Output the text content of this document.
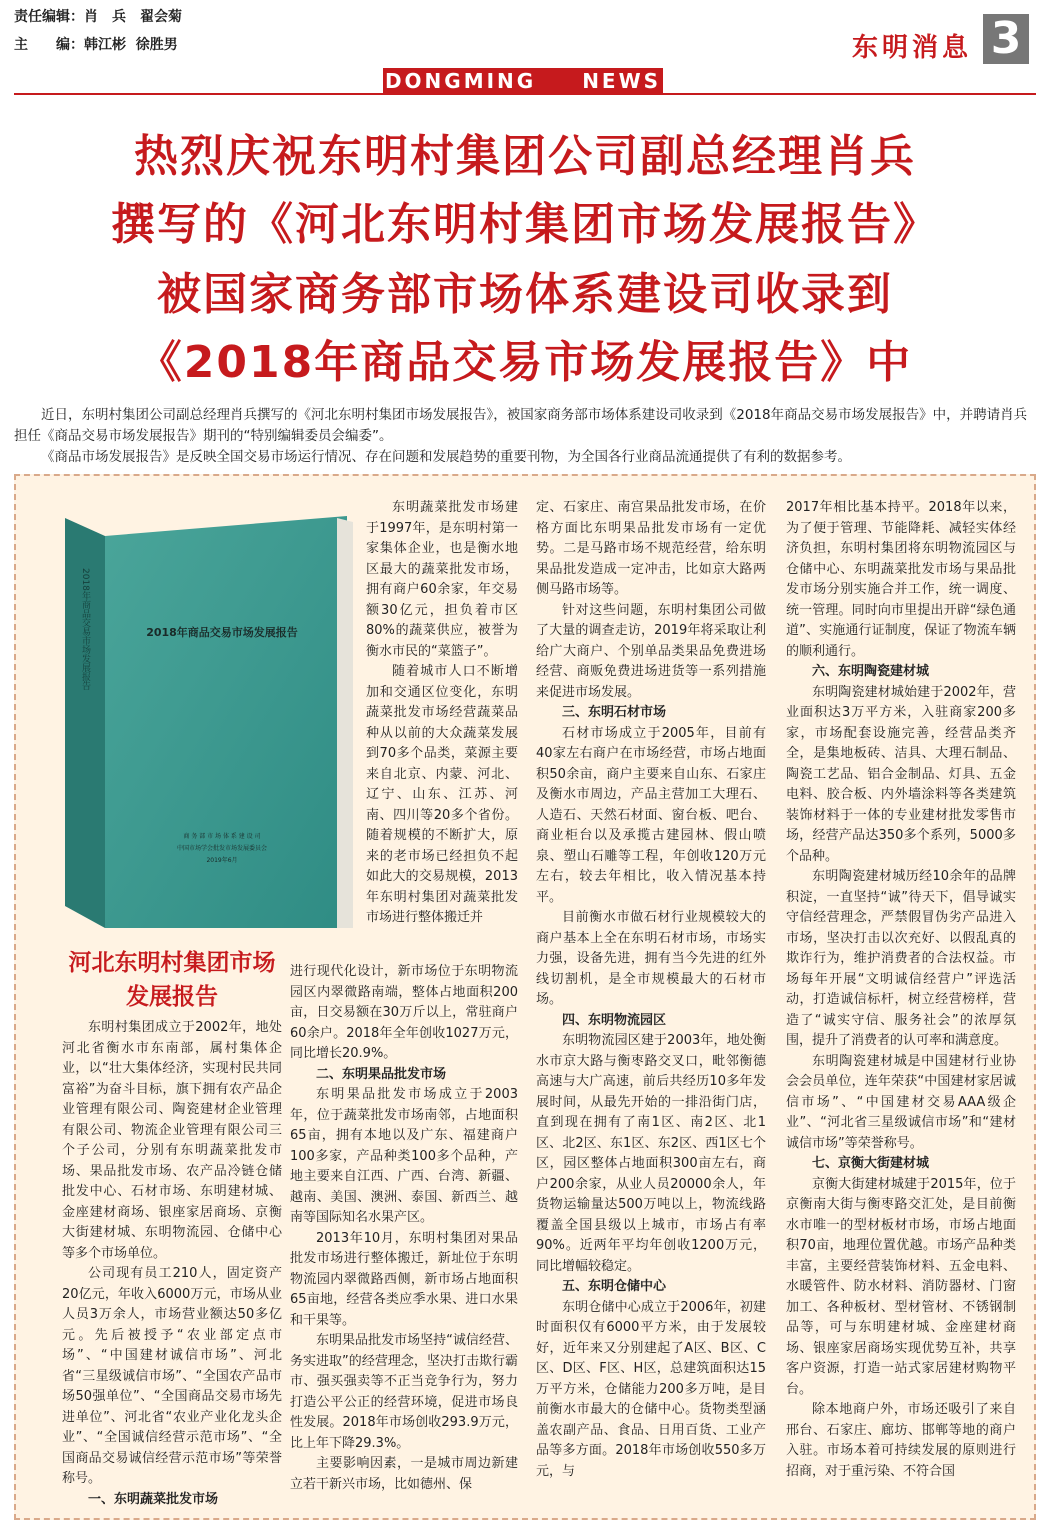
责任编辑：肖　兵　翟会菊
主　　编：韩江彬  徐胜男	东明消息 3
DONGMING　　NEWS
热烈庆祝东明村集团公司副总经理肖兵
撰写的《河北东明村集团市场发展报告》
被国家商务部市场体系建设司收录到
《2018年商品交易市场发展报告》中

近日，东明村集团公司副总经理肖兵撰写的《河北东明村集团市场发展报告》，被国家商务部市场体系建设司收录到《2018年商品交易市场发展报告》中，并聘请肖兵担任《商品交易市场发展报告》期刊的“特别编辑委员会编委”。

《商品市场发展报告》是反映全国交易市场运行情况、存在问题和发展趋势的重要刊物，为全国各行业商品流通提供了有利的数据参考。

2018年商品交易市场发展报告
2018年商品交易市场发展报告
商 务 部 市 场 体 系 建 设 司
中国市场学会批发市场发展委员会
2019年6月
河北东明村集团市场发展报告

东明村集团成立于2002年，地处河北省衡水市东南部，属村集体企业，以“壮大集体经济，实现村民共同富裕”为奋斗目标，旗下拥有农产品企业管理有限公司、陶瓷建材企业管理有限公司、物流企业管理有限公司三个子公司，分别有东明蔬菜批发市场、果品批发市场、农产品冷链仓储批发中心、石材市场、东明建材城、金座建材商场、银座家居商场、京衡大街建材城、东明物流园、仓储中心等多个市场单位。

公司现有员工210人，固定资产20亿元，年收入6000万元，市场从业人员3万余人，市场营业额达50多亿元。先后被授予“农业部定点市场”、“中国建材诚信市场”、河北省“三星级诚信市场”、“全国农产品市场50强单位”、“全国商品交易市场先进单位”、河北省“农业产业化龙头企业”、“全国诚信经营示范市场”、“全国商品交易诚信经营示范市场”等荣誉称号。

一、东明蔬菜批发市场

东明蔬菜批发市场建于1997年，是东明村第一家集体企业，也是衡水地区最大的蔬菜批发市场，拥有商户60余家，年交易额30亿元，担负着市区80%的蔬菜供应，被誉为衡水市民的“菜篮子”。

随着城市人口不断增加和交通区位变化，东明蔬菜批发市场经营蔬菜品种从以前的大众蔬菜发展到70多个品类，菜源主要来自北京、内蒙、河北、辽宁、山东、江苏、河南、四川等20多个省份。随着规模的不断扩大，原来的老市场已经担负不起如此大的交易规模，2013年东明村集团对蔬菜批发市场进行整体搬迁并

进行现代化设计，新市场位于东明物流园区内翠微路南端，整体占地面积200亩，日交易额在30万斤以上，常驻商户60余户。2018年全年创收1027万元，同比增长20.9%。

二、东明果品批发市场

东明果品批发市场成立于2003年，位于蔬菜批发市场南邻，占地面积65亩，拥有本地以及广东、福建商户100多家，产品种类100多个品种，产地主要来自江西、广西、台湾、新疆、越南、美国、澳洲、泰国、新西兰、越南等国际知名水果产区。

2013年10月，东明村集团对果品批发市场进行整体搬迁，新址位于东明物流园内翠微路西侧，新市场占地面积65亩地，经营各类应季水果、进口水果和干果等。

东明果品批发市场坚持“诚信经营、务实进取”的经营理念，坚决打击欺行霸市、强买强卖等不正当竞争行为，努力打造公平公正的经营环境，促进市场良性发展。2018年市场创收293.9万元，比上年下降29.3%。

主要影响因素，一是城市周边新建立若干新兴市场，比如德州、保

定、石家庄、南宫果品批发市场，在价格方面比东明果品批发市场有一定优势。二是马路市场不规范经营，给东明果品批发造成一定冲击，比如京大路两侧马路市场等。

针对这些问题，东明村集团公司做了大量的调查走访，2019年将采取让利给广大商户、个别单品类果品免费进场经营、商贩免费进场进货等一系列措施来促进市场发展。

三、东明石材市场

石材市场成立于2005年，目前有40家左右商户在市场经营，市场占地面积50余亩，商户主要来自山东、石家庄及衡水市周边，产品主营加工大理石、人造石、天然石材面、窗台板、吧台、商业柜台以及承揽古建园林、假山喷泉、塑山石雕等工程，年创收120万元左右，较去年相比，收入情况基本持平。

目前衡水市做石材行业规模较大的商户基本上全在东明石材市场，市场实力强，设备先进，拥有当今先进的红外线切割机，是全市规模最大的石材市场。

四、东明物流园区

东明物流园区建于2003年，地处衡水市京大路与衡枣路交叉口，毗邻衡德高速与大广高速，前后共经历10多年发展时间，从最先开始的一排沿街门店，直到现在拥有了南1区、南2区、北1区、北2区、东1区、东2区、西1区七个区，园区整体占地面积300亩左右，商户200余家，从业人员20000余人，年货物运输量达500万吨以上，物流线路覆盖全国县级以上城市，市场占有率90%。近两年平均年创收1200万元，同比增幅较稳定。

五、东明仓储中心

东明仓储中心成立于2006年，初建时面积仅有6000平方米，由于发展较好，近年来又分别建起了A区、B区、C区、D区、F区、H区，总建筑面积达15万平方米，仓储能力200多万吨，是目前衡水市最大的仓储中心。货物类型涵盖农副产品、食品、日用百货、工业产品等多方面。2018年市场创收550多万元，与

2017年相比基本持平。2018年以来，为了便于管理、节能降耗、减轻实体经济负担，东明村集团将东明物流园区与仓储中心、东明蔬菜批发市场与果品批发市场分别实施合并工作，统一调度、统一管理。同时向市里提出开辟“绿色通道”、实施通行证制度，保证了物流车辆的顺利通行。

六、东明陶瓷建材城

东明陶瓷建材城始建于2002年，营业面积达3万平方米，入驻商家200多家，市场配套设施完善，经营品类齐全，是集地板砖、洁具、大理石制品、陶瓷工艺品、铝合金制品、灯具、五金电料、胶合板、内外墙涂料等各类建筑装饰材料于一体的专业建材批发零售市场，经营产品达350多个系列，5000多个品种。

东明陶瓷建材城历经10余年的品牌积淀，一直坚持“诚”待天下，倡导诚实守信经营理念，严禁假冒伪劣产品进入市场，坚决打击以次充好、以假乱真的欺诈行为，维护消费者的合法权益。市场每年开展“文明诚信经营户”评选活动，打造诚信标杆，树立经营榜样，营造了“诚实守信、服务社会”的浓厚氛围，提升了消费者的认可率和满意度。

东明陶瓷建材城是中国建材行业协会会员单位，连年荣获“中国建材家居诚信市场”、“中国建材交易AAA级企业”、“河北省三星级诚信市场”和“建材诚信市场”等荣誉称号。

七、京衡大街建材城

京衡大街建材城建于2015年，位于京衡南大街与衡枣路交汇处，是目前衡水市唯一的型材板材市场，市场占地面积70亩，地理位置优越。市场产品种类丰富，主要经营装饰材料、五金电料、水暖管件、防水材料、消防器材、门窗加工、各种板材、型材管材、不锈钢制品等，可与东明建材城、金座建材商场、银座家居商场实现优势互补，共享客户资源，打造一站式家居建材购物平台。

除本地商户外，市场还吸引了来自邢台、石家庄、廊坊、邯郸等地的商户入驻。市场本着可持续发展的原则进行招商，对于重污染、不符合国
